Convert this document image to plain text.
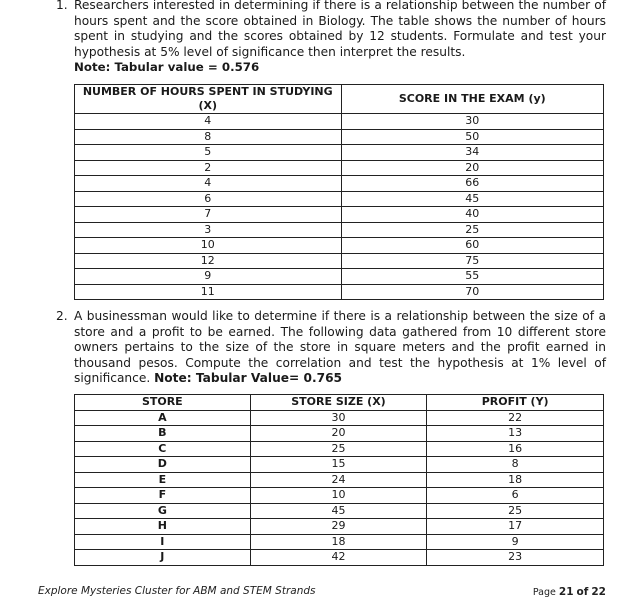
1. Researchers interested in determining if there is a relationship between the number of hours spent and the score obtained in Biology. The table shows the number of hours spent in studying and the scores obtained by 12 students. Formulate and test your hypothesis at 5% level of significance then interpret the results.
Note: Tabular value = 0.576
NUMBER OF HOURS SPENT IN STUDYING (X)	SCORE IN THE EXAM (y)
4	30
8	50
5	34
2	20
4	66
6	45
7	40
3	25
10	60
12	75
9	55
11	70
2. A businessman would like to determine if there is a relationship between the size of a store and a profit to be earned. The following data gathered from 10 different store owners pertains to the size of the store in square meters and the profit earned in thousand pesos. Compute the correlation and test the hypothesis at 1% level of significance. Note: Tabular Value= 0.765
STORE	STORE SIZE (X)	PROFIT (Y)
A	30	22
B	20	13
C	25	16
D	15	8
E	24	18
F	10	6
G	45	25
H	29	17
I	18	9
J	42	23
Explore Mysteries Cluster for ABM and STEM Strands	Page 21 of 22
